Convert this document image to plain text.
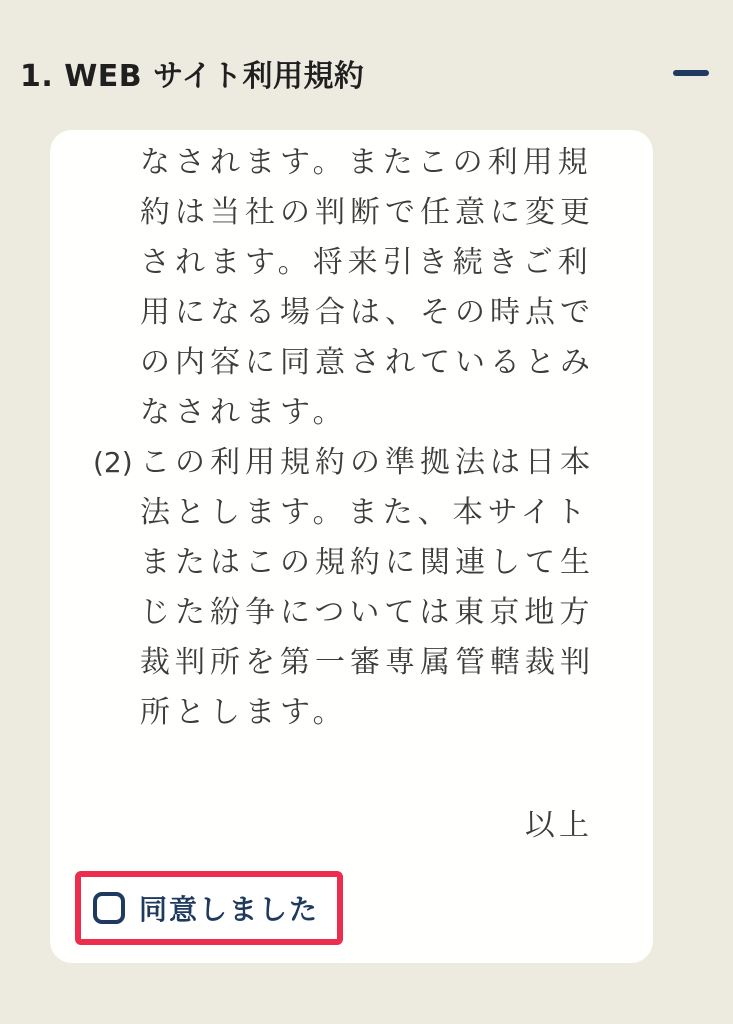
1. WEB サイト利用規約
なされます。またこの利用規
約は当社の判断で任意に変更
されます。将来引き続きご利
用になる場合は、その時点で
の内容に同意されているとみ
なされます。
(2) この利用規約の準拠法は日本
法とします。また、本サイト
またはこの規約に関連して生
じた紛争については東京地方
裁判所を第一審専属管轄裁判
所とします。
以上
同意しました
